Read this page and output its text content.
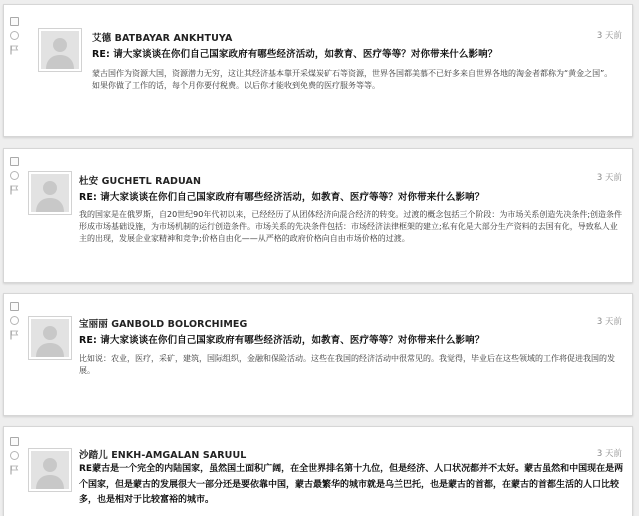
艾德 BATBAYAR ANKHTUYA	3 天前
RE: 请大家谈谈在你们自己国家政府有哪些经济活动，如教育、医疗等等？对你带来什么影响？
蒙古国作为资源大国，资源潜力无穷，这让其经济基本靠开采煤炭矿石等资源，世界各国都美慕不已好多来自世界各地的淘金者都称为“黄金之国”。如果你做了工作的话，每个月你要付税费。以后你才能收到免费的医疗服务等等。
杜安 GUCHETL RADUAN	3 天前
RE: 请大家谈谈在你们自己国家政府有哪些经济活动，如教育、医疗等等？对你带来什么影响？
我的国家是在俄罗斯，自20世纪90年代初以来，已经经历了从团体经济向混合经济的转变。过渡的概念包括三个阶段：为市场关系创造先决条件;创造条件形成市场基础设施，为市场机制的运行创造条件。市场关系的先决条件包括：市场经济法律框架的建立;私有化是大部分生产资料的去国有化，导致私人业主的出现，发展企业家精神和竞争;价格自由化——从严格的政府价格向自由市场价格的过渡。
宝丽丽 GANBOLD BOLORCHIMEG	3 天前
RE: 请大家谈谈在你们自己国家政府有哪些经济活动，如教育、医疗等等？对你带来什么影响？
比如说：农业，医疗，采矿，建筑，国际组织，金融和保险活动。这些在我国的经济活动中很常见的。我觉得，毕业后在这些领域的工作将促进我国的发展。
沙踏儿 ENKH-AMGALAN SARUUL	3 天前
RE蒙古是一个完全的内陆国家，虽然国土面积广阔，在全世界排名第十九位，但是经济、人口状况都并不太好。蒙古虽然和中国现在是两个国家，但是蒙古的发展很大一部分还是要依靠中国，蒙古最繁华的城市就是乌兰巴托，也是蒙古的首都，在蒙古的首都生活的人口比较多，也是相对于比较富裕的城市。
